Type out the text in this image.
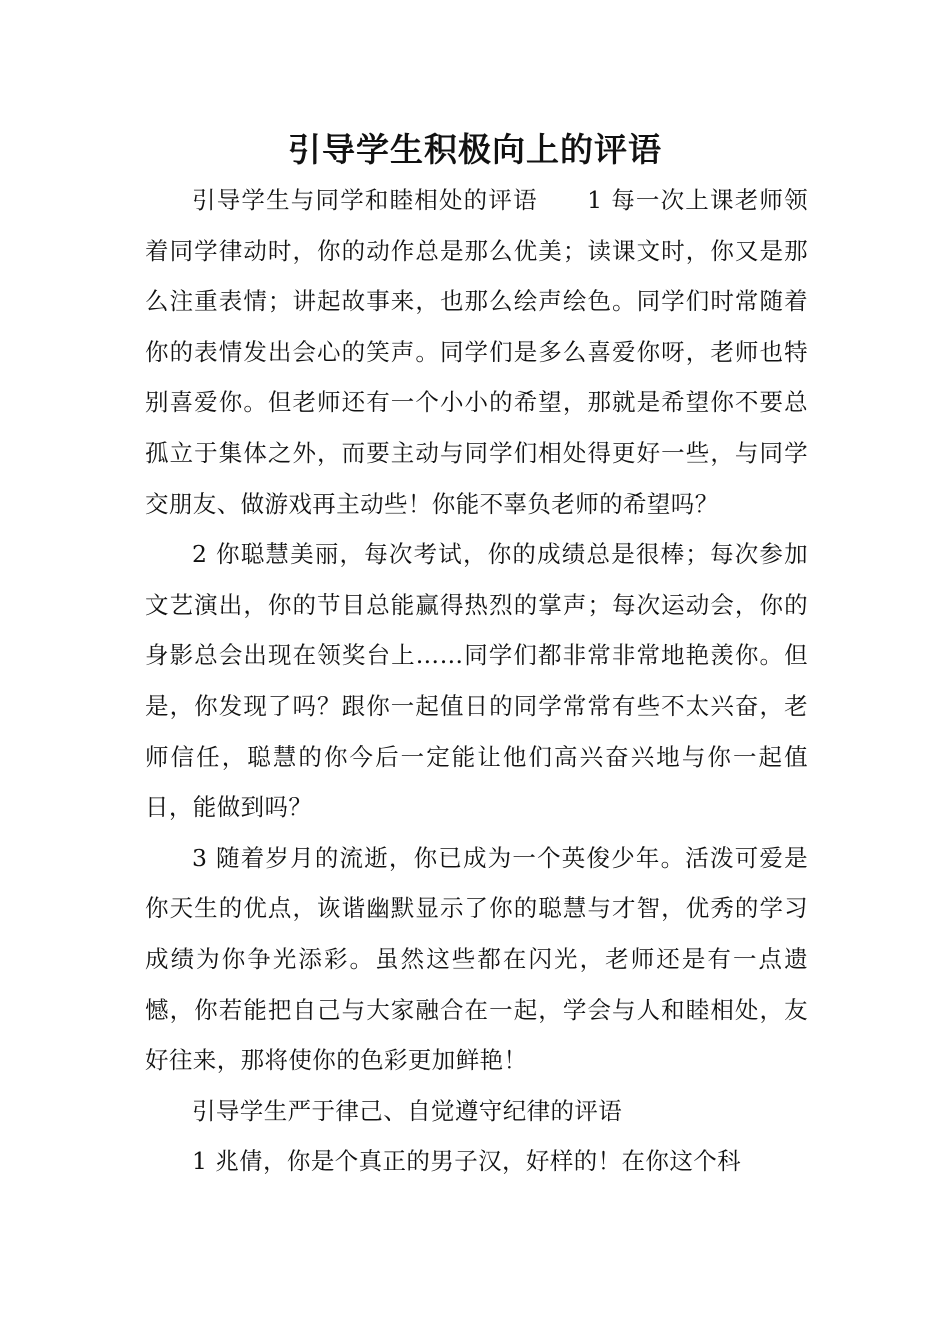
引导学生积极向上的评语

引导学生与同学和睦相处的评语　　1 每一次上课老师领着同学律动时，你的动作总是那么优美；读课文时，你又是那么注重表情；讲起故事来，也那么绘声绘色。同学们时常随着你的表情发出会心的笑声。同学们是多么喜爱你呀，老师也特别喜爱你。但老师还有一个小小的希望，那就是希望你不要总孤立于集体之外，而要主动与同学们相处得更好一些，与同学交朋友、做游戏再主动些！你能不辜负老师的希望吗？

2 你聪慧美丽，每次考试，你的成绩总是很棒；每次参加文艺演出，你的节目总能赢得热烈的掌声；每次运动会，你的身影总会出现在领奖台上……同学们都非常非常地艳羡你。但是，你发现了吗？跟你一起值日的同学常常有些不太兴奋，老师信任，聪慧的你今后一定能让他们高兴奋兴地与你一起值日，能做到吗？

3 随着岁月的流逝，你已成为一个英俊少年。活泼可爱是你天生的优点，诙谐幽默显示了你的聪慧与才智，优秀的学习成绩为你争光添彩。虽然这些都在闪光，老师还是有一点遗憾，你若能把自己与大家融合在一起，学会与人和睦相处，友好往来，那将使你的色彩更加鲜艳！

引导学生严于律己、自觉遵守纪律的评语

1 兆倩，你是个真正的男子汉，好样的！在你这个科
